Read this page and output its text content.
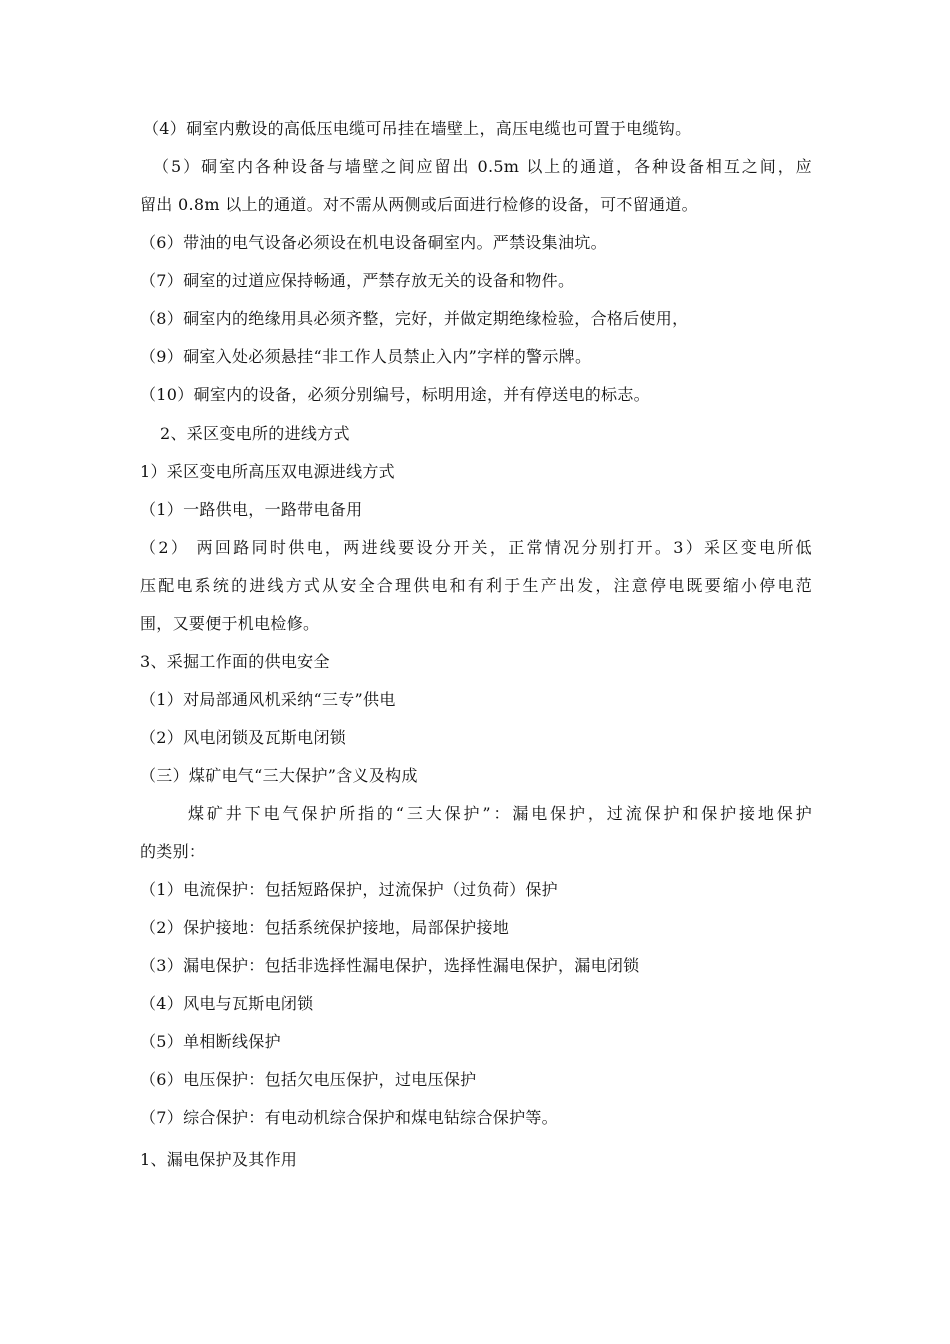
（4）硐室内敷设的高低压电缆可吊挂在墙壁上，高压电缆也可置于电缆钩。
（5）硐室内各种设备与墙壁之间应留出 0.5m 以上的通道，各种设备相互之间，应
留出 0.8m 以上的通道。对不需从两侧或后面进行检修的设备，可不留通道。
（6）带油的电气设备必须设在机电设备硐室内。严禁设集油坑。
（7）硐室的过道应保持畅通，严禁存放无关的设备和物件。
（8）硐室内的绝缘用具必须齐整，完好，并做定期绝缘检验，合格后使用，
（9）硐室入处必须悬挂“非工作人员禁止入内”字样的警示牌。
（10）硐室内的设备，必须分别编号，标明用途，并有停送电的标志。
2、采区变电所的进线方式
1）采区变电所高压双电源进线方式
（1）一路供电，一路带电备用
（2） 两回路同时供电，两进线要设分开关，正常情况分别打开。3）采区变电所低
压配电系统的进线方式从安全合理供电和有利于生产出发，注意停电既要缩小停电范
围，又要便于机电检修。
3、采掘工作面的供电安全
（1）对局部通风机采纳“三专”供电
（2）风电闭锁及瓦斯电闭锁
（三）煤矿电气“三大保护”含义及构成
煤矿井下电气保护所指的“三大保护”：漏电保护，过流保护和保护接地保护
的类别：
（1）电流保护：包括短路保护，过流保护（过负荷）保护
（2）保护接地：包括系统保护接地，局部保护接地
（3）漏电保护：包括非选择性漏电保护，选择性漏电保护，漏电闭锁
（4）风电与瓦斯电闭锁
（5）单相断线保护
（6）电压保护：包括欠电压保护，过电压保护
（7）综合保护：有电动机综合保护和煤电钻综合保护等。
1、漏电保护及其作用
